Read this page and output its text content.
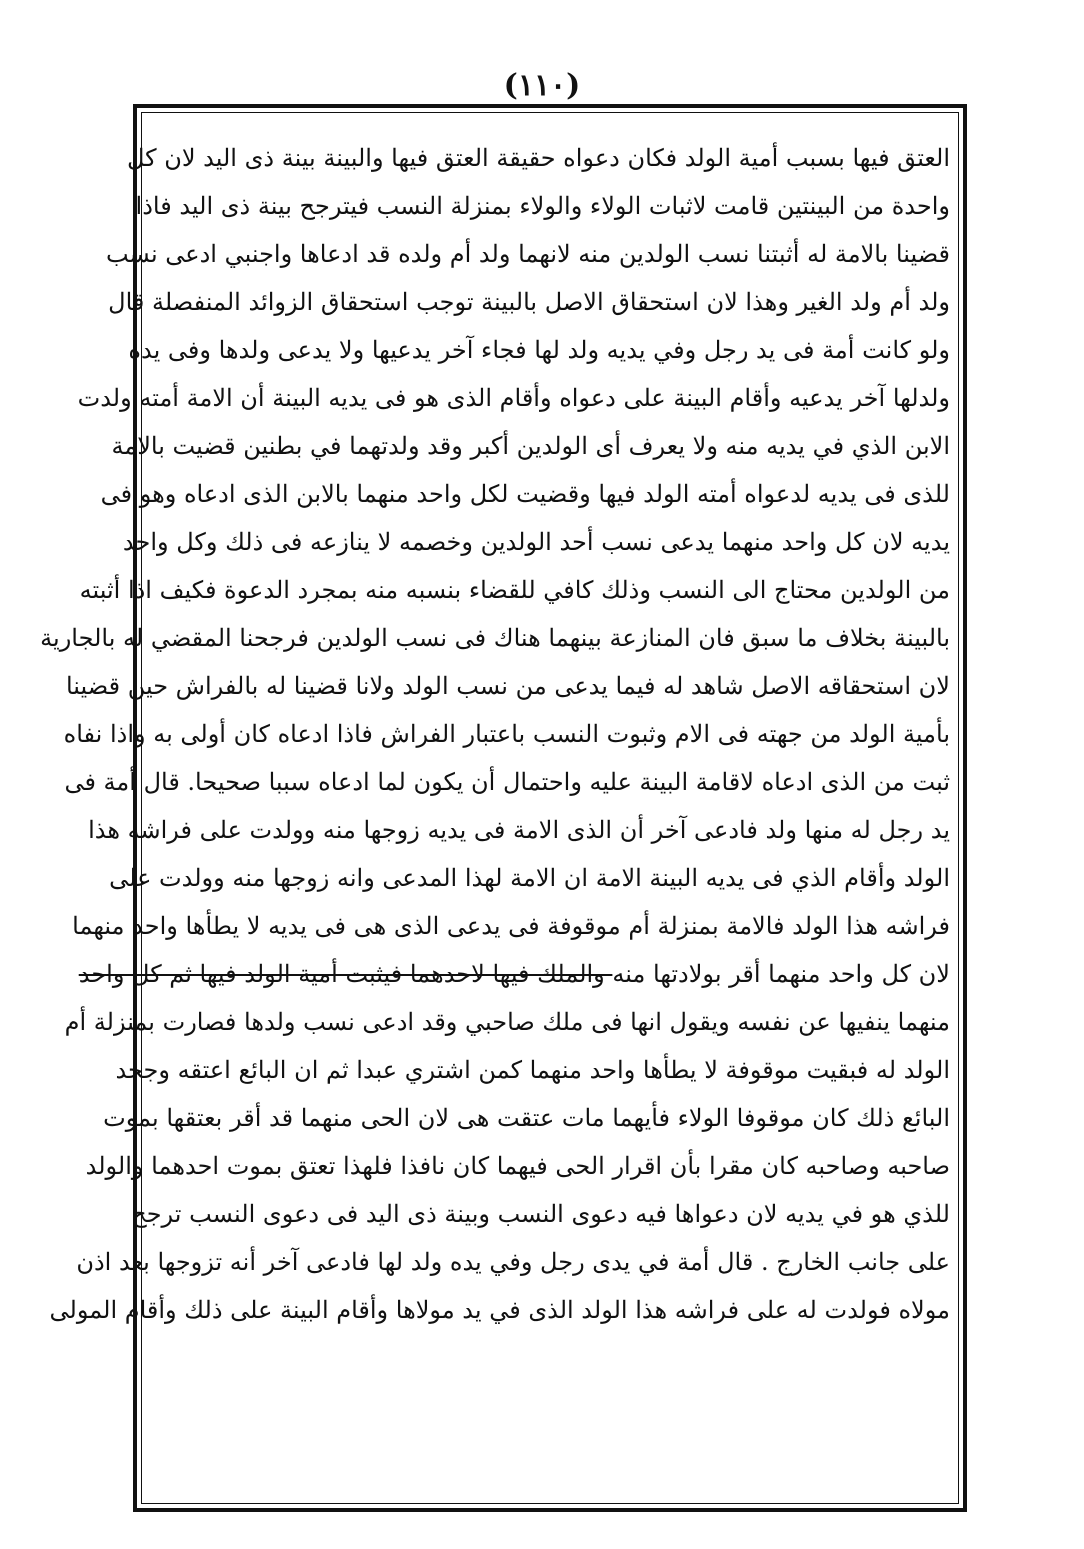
(١١٠)
العتق فيها بسبب أمية الولد فكان دعواه حقيقة العتق فيها والبينة بينة ذى اليد لان كل
واحدة من البينتين قامت لاثبات الولاء والولاء بمنزلة النسب فيترجح بينة ذى اليد فاذا
قضينا بالامة له أثبتنا نسب الولدين منه لانهما ولد أم ولده قد ادعاها واجنبي ادعى نسب
ولد أم ولد الغير وهذا لان استحقاق الاصل بالبينة توجب استحقاق الزوائد المنفصلة قال
ولو كانت أمة فى يد رجل وفي يديه ولد لها فجاء آخر يدعيها ولا يدعى ولدها وفى يده
ولدلها آخر يدعيه وأقام البينة على دعواه وأقام الذى هو فى يديه البينة أن الامة أمته ولدت
الابن الذي في يديه منه ولا يعرف أى الولدين أكبر وقد ولدتهما في بطنين قضيت بالامة
للذى فى يديه لدعواه أمته الولد فيها وقضيت لكل واحد منهما بالابن الذى ادعاه وهو فى
يديه لان كل واحد منهما يدعى نسب أحد الولدين وخصمه لا ينازعه فى ذلك وكل واحد
من الولدين محتاج الى النسب وذلك كافي للقضاء بنسبه منه بمجرد الدعوة فكيف اذا أثبته
بالبينة بخلاف ما سبق فان المنازعة بينهما هناك فى نسب الولدين فرجحنا المقضي له بالجارية
لان استحقاقه الاصل شاهد له فيما يدعى من نسب الولد ولانا قضينا له بالفراش حين قضينا
بأمية الولد من جهته فى الام وثبوت النسب باعتبار الفراش فاذا ادعاه كان أولى به واذا نفاه
ثبت من الذى ادعاه لاقامة البينة عليه واحتمال أن يكون لما ادعاه سببا صحيحا. قال أمة فى
يد رجل له منها ولد فادعى آخر أن الذى الامة فى يديه زوجها منه وولدت على فراشه هذا
الولد وأقام الذي فى يديه البينة الامة ان الامة لهذا المدعى وانه زوجها منه وولدت على
فراشه هذا الولد فالامة بمنزلة أم موقوفة فى يدعى الذى هى فى يديه لا يطأها واحد منهما
لان كل واحد منهما أقر بولادتها منه والملك فيها لاحدهما فيثبت أمية الولد فيها ثم كل واحد
منهما ينفيها عن نفسه ويقول انها فى ملك صاحبي وقد ادعى نسب ولدها فصارت بمنزلة أم
الولد له فبقيت موقوفة لا يطأها واحد منهما كمن اشتري عبدا ثم ان البائع اعتقه وجحد
البائع ذلك كان موقوفا الولاء فأيهما مات عتقت هى لان الحى منهما قد أقر بعتقها بموت
صاحبه وصاحبه كان مقرا بأن اقرار الحى فيهما كان نافذا فلهذا تعتق بموت احدهما والولد
للذي هو في يديه لان دعواها فيه دعوى النسب وبينة ذى اليد فى دعوى النسب ترجح
على جانب الخارج . قال أمة في يدى رجل وفي يده ولد لها فادعى آخر أنه تزوجها بعد اذن
مولاه فولدت له على فراشه هذا الولد الذى في يد مولاها وأقام البينة على ذلك وأقام المولى
